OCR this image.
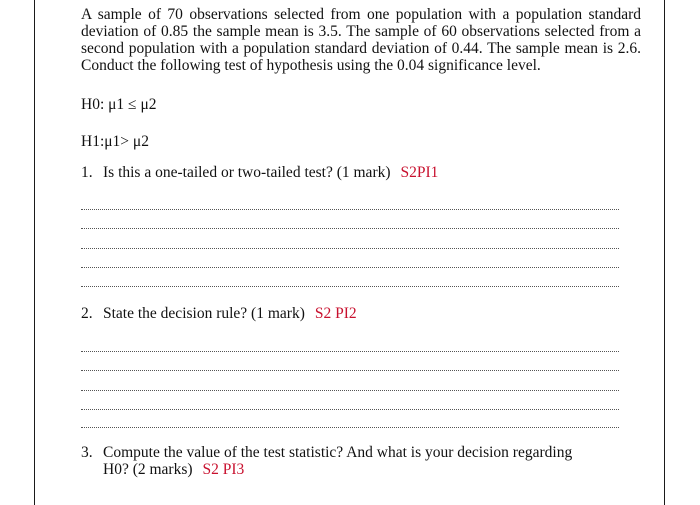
A sample of 70 observations selected from one population with a population standard deviation of 0.85 the sample mean is 3.5. The sample of 60 observations selected from a second population with a population standard deviation of 0.44. The sample mean is 2.6. Conduct the following test of hypothesis using the 0.04 significance level.

H0: μ1 ≤ μ2

H1:μ1> μ2

1. Is this a one-tailed or two-tailed test? (1 mark) S2PI1

2. State the decision rule? (1 mark) S2 PI2

3. Compute the value of the test statistic? And what is your decision regarding
H0? (2 marks) S2 PI3
